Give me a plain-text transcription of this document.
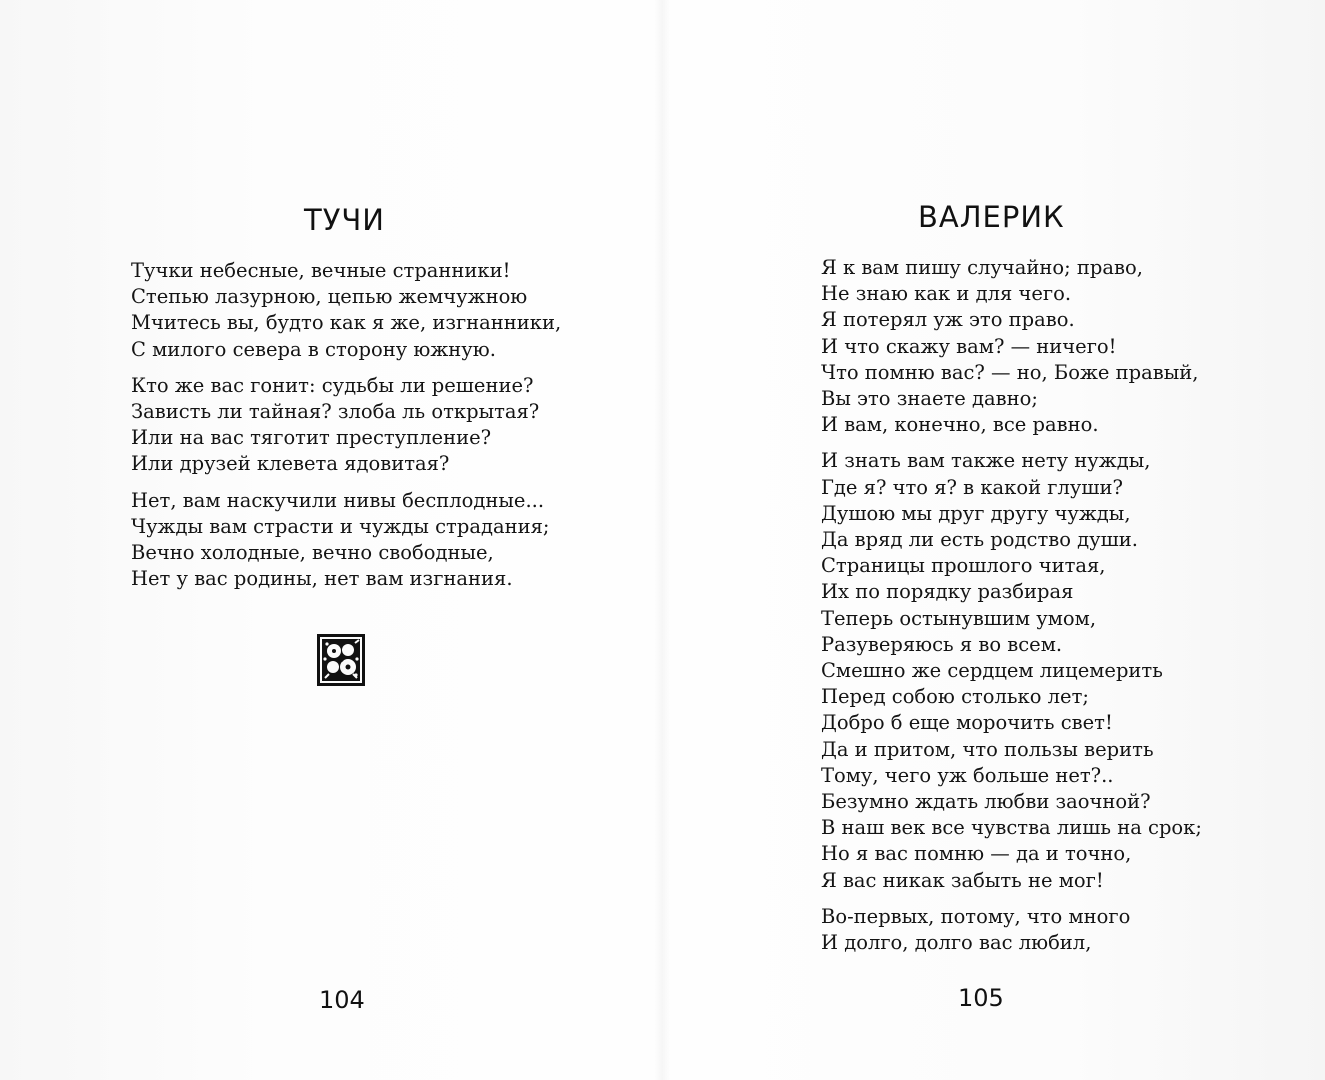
ТУЧИ

Тучки небесные, вечные странники!
Степью лазурною, цепью жемчужною
Мчитесь вы, будто как я же, изгнанники,
С милого севера в сторону южную.

Кто же вас гонит: судьбы ли решение?
Зависть ли тайная? злоба ль открытая?
Или на вас тяготит преступление?
Или друзей клевета ядовитая?

Нет, вам наскучили нивы бесплодные...
Чужды вам страсти и чужды страдания;
Вечно холодные, вечно свободные,
Нет у вас родины, нет вам изгнания.

104
ВАЛЕРИК

Я к вам пишу случайно; право,
Не знаю как и для чего.
Я потерял уж это право.
И что скажу вам? — ничего!
Что помню вас? — но, Боже правый,
Вы это знаете давно;
И вам, конечно, все равно.

И знать вам также нету нужды,
Где я? что я? в какой глуши?
Душою мы друг другу чужды,
Да вряд ли есть родство души.
Страницы прошлого читая,
Их по порядку разбирая
Теперь остынувшим умом,
Разуверяюсь я во всем.
Смешно же сердцем лицемерить
Перед собою столько лет;
Добро б еще морочить свет!
Да и притом, что пользы верить
Тому, чего уж больше нет?..
Безумно ждать любви заочной?
В наш век все чувства лишь на срок;
Но я вас помню — да и точно,
Я вас никак забыть не мог!

Во-первых, потому, что много
И долго, долго вас любил,

105
